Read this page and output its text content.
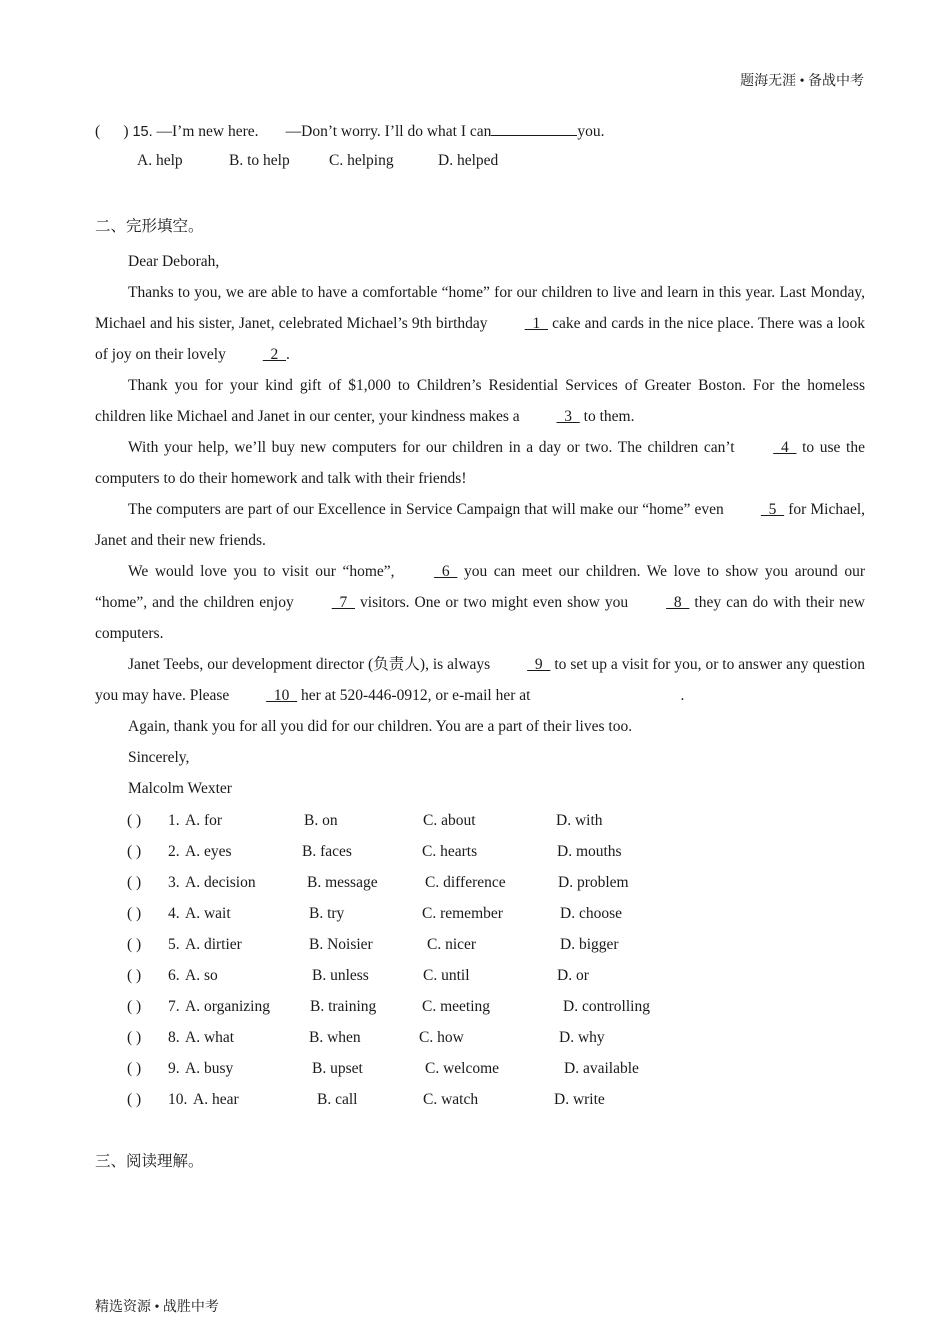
题海无涯 • 备战中考
( ) 15. —I’m new here. —Don’t worry. I’ll do what I can	you.
A. help	B. to help	C. helping	D. helped
二、完形填空。

Dear Deborah,

Thanks to you, we are able to have a comfortable “home” for our children to live and learn in this year. Last Monday, Michael and his sister, Janet, celebrated Michael’s 9th birthday   1   cake and cards in the nice place. There was a look of joy on their lovely   2  .

Thank you for your kind gift of $1,000 to Children’s Residential Services of Greater Boston. For the homeless children like Michael and Janet in our center, your kindness makes a   3   to them.

With your help, we’ll buy new computers for our children in a day or two. The children can’t   4   to use the computers to do their homework and talk with their friends!

The computers are part of our Excellence in Service Campaign that will make our “home” even   5   for Michael, Janet and their new friends.

We would love you to visit our “home”,   6   you can meet our children. We love to show you around our “home”, and the children enjoy   7   visitors. One or two might even show you   8   they can do with their new computers.

Janet Teebs, our development director (负责人), is always   9   to set up a visit for you, or to answer any question you may have. Please   10   her at 520-446-0912, or e-mail her at	.

Again, thank you for all you did for our children. You are a part of their lives too.

Sincerely,

Malcolm Wexter

( ) 1. A. for	B. on	C. about	D. with
( ) 2. A. eyes	B. faces	C. hearts	D. mouths
( ) 3. A. decision	B. message	C. difference	D. problem
( ) 4. A. wait	B. try	C. remember	D. choose
( ) 5. A. dirtier	B. Noisier	C. nicer	D. bigger
( ) 6. A. so	B. unless	C. until	D. or
( ) 7. A. organizing	B. training	C. meeting	D. controlling
( ) 8. A. what	B. when	C. how	D. why
( ) 9. A. busy	B. upset	C. welcome	D. available
( ) 10. A. hear	B. call	C. watch	D. write
三、阅读理解。
精选资源 • 战胜中考
